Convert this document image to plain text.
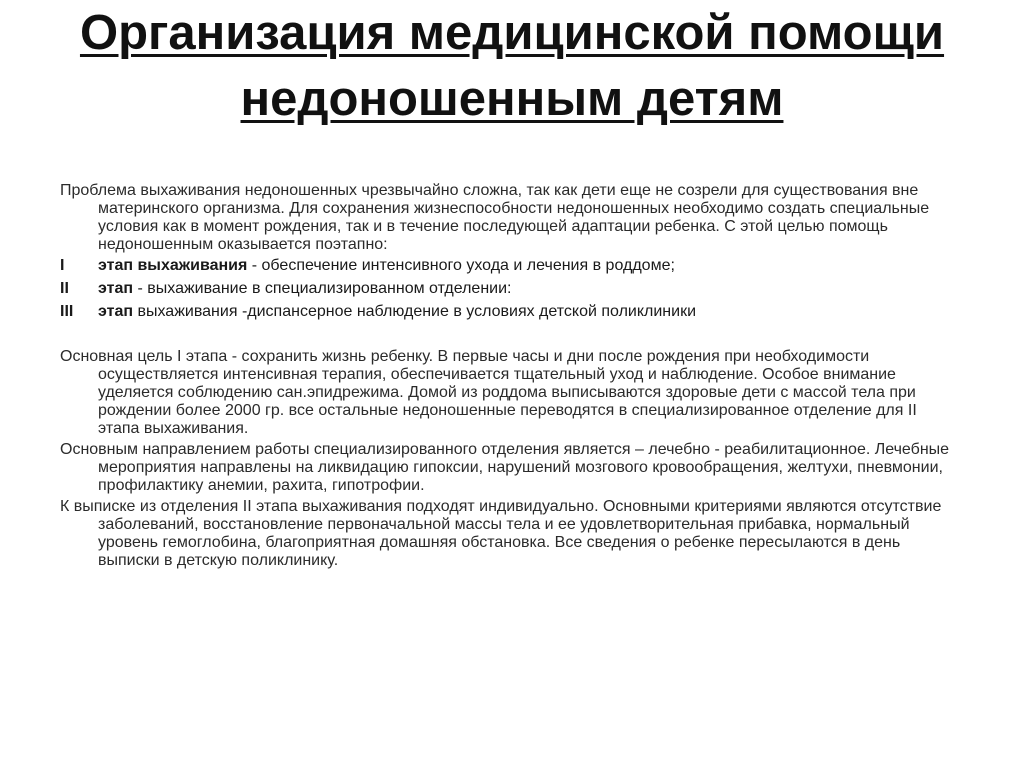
Организация медицинской помощи недоношенным детям

Проблема выхаживания недоношенных чрезвычайно сложна, так как дети еще не созрели для существования вне материнского организма. Для сохранения жизнеспособности недоношенных необходимо создать специальные условия как в момент рождения, так и в течение последующей адаптации ребенка. С этой целью помощь недоношенным оказывается поэтапно:

I	этап выхаживания - обеспечение интенсивного ухода и лечения в роддоме;
II	этап - выхаживание в специализированном отделении:
III	этап выхаживания -диспансерное наблюдение в условиях детской поликлиники

Основная цель I этапа - сохранить жизнь ребенку. В первые часы и дни после рождения при необходимости осуществляется интенсивная терапия, обеспечивается тщательный уход и наблюдение. Особое внимание уделяется соблюдению сан.эпидрежима. Домой из роддома выписываются здоровые дети с массой тела при рождении более 2000 гр. все остальные недоношенные переводятся в специализированное отделение для II этапа выхаживания.

Основным направлением работы специализированного отделения является – лечебно - реабилитационное. Лечебные мероприятия направлены на ликвидацию гипоксии, нарушений мозгового кровообращения, желтухи, пневмонии, профилактику анемии, рахита, гипотрофии.

К выписке из отделения II этапа выхаживания подходят индивидуально. Основными критериями являются отсутствие заболеваний, восстановление первоначальной массы тела и ее удовлетворительная прибавка, нормальный уровень гемоглобина, благоприятная домашняя обстановка. Все сведения о ребенке пересылаются в день выписки в детскую поликлинику.
